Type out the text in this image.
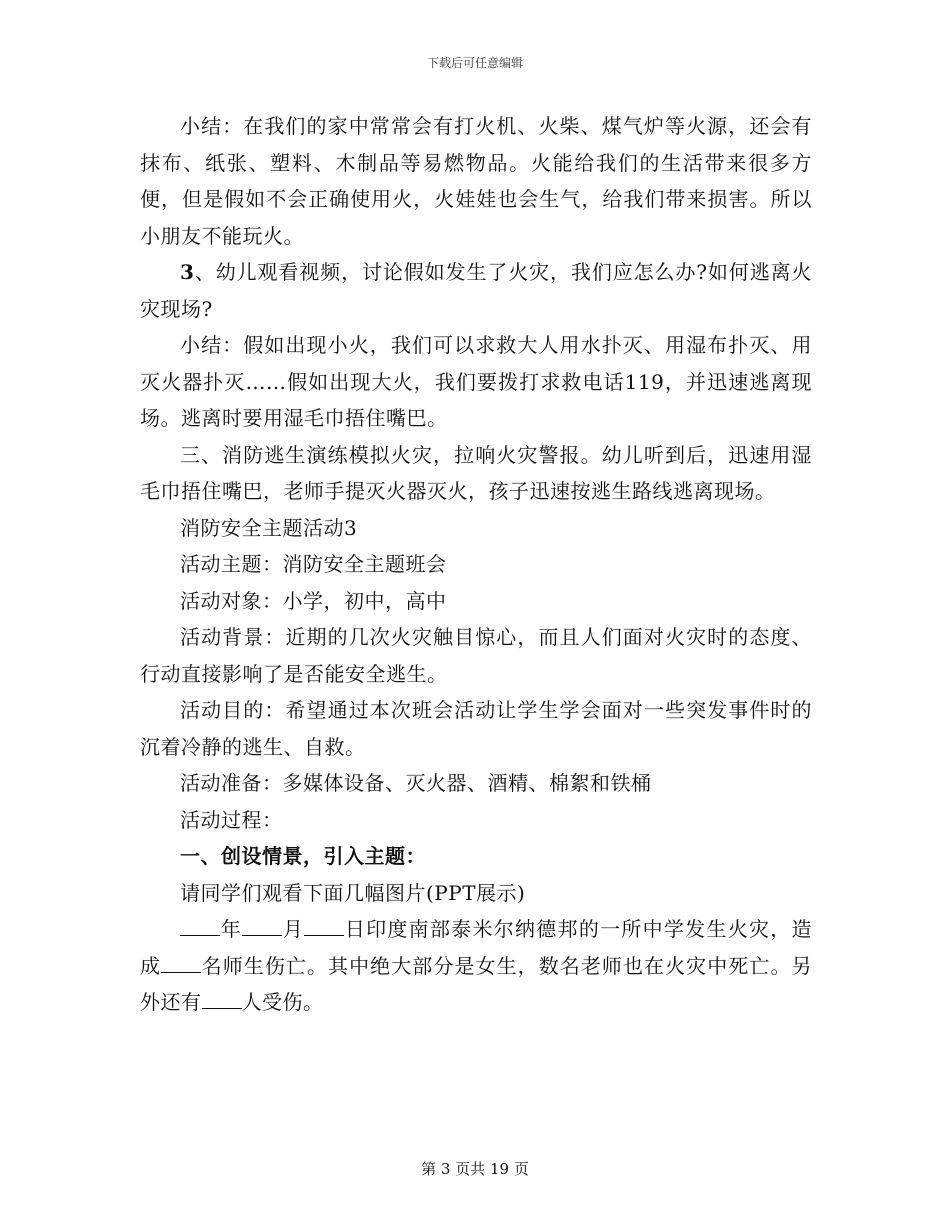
下载后可任意编辑

小结：在我们的家中常常会有打火机、火柴、煤气炉等火源，还会有抹布、纸张、塑料、木制品等易燃物品。火能给我们的生活带来很多方便，但是假如不会正确使用火，火娃娃也会生气，给我们带来损害。所以小朋友不能玩火。

3、幼儿观看视频，讨论假如发生了火灾，我们应怎么办?如何逃离火灾现场?

小结：假如出现小火，我们可以求救大人用水扑灭、用湿布扑灭、用灭火器扑灭……假如出现大火，我们要拨打求救电话119，并迅速逃离现场。逃离时要用湿毛巾捂住嘴巴。

三、消防逃生演练模拟火灾，拉响火灾警报。幼儿听到后，迅速用湿毛巾捂住嘴巴，老师手提灭火器灭火，孩子迅速按逃生路线逃离现场。

消防安全主题活动3

活动主题：消防安全主题班会

活动对象：小学，初中，高中

活动背景：近期的几次火灾触目惊心，而且人们面对火灾时的态度、行动直接影响了是否能安全逃生。

活动目的：希望通过本次班会活动让学生学会面对一些突发事件时的沉着冷静的逃生、自救。

活动准备：多媒体设备、灭火器、酒精、棉絮和铁桶

活动过程：

一、创设情景，引入主题：

请同学们观看下面几幅图片(PPT展示)

年 月 日印度南部泰米尔纳德邦的一所中学发生火灾，造成 名师生伤亡。其中绝大部分是女生，数名老师也在火灾中死亡。另外还有 人受伤。

第 3 页共 19 页
